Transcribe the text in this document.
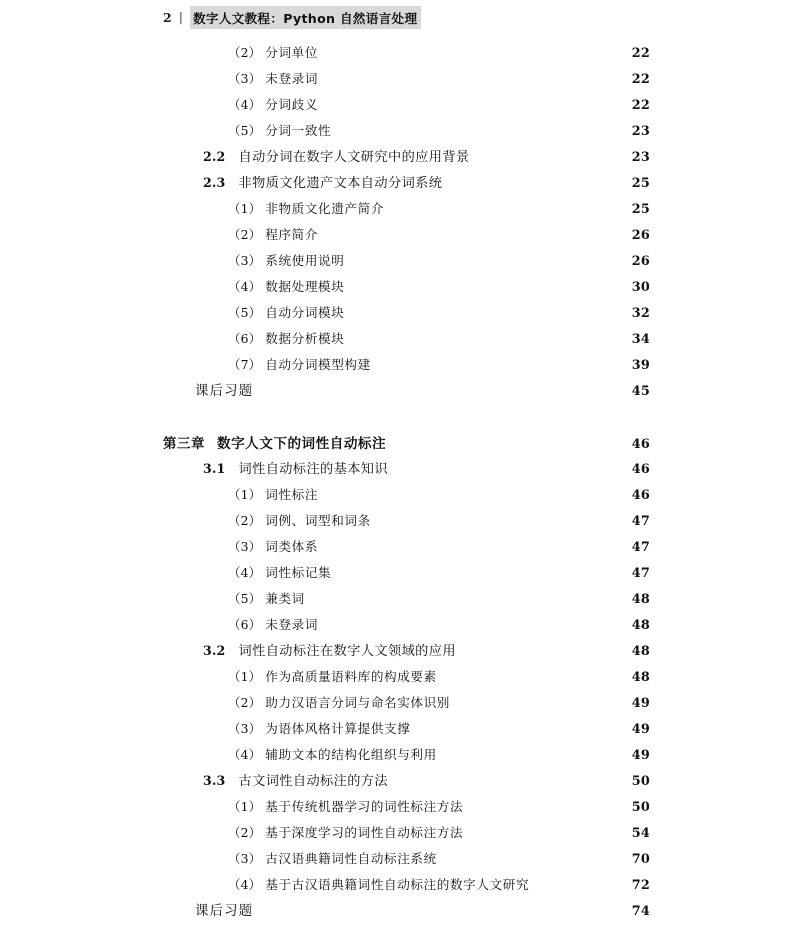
2 | 数字人文教程：Python 自然语言处理
（2） 分词单位	22
（3） 未登录词	22
（4） 分词歧义	22
（5） 分词一致性	23
2.2 自动分词在数字人文研究中的应用背景	23
2.3 非物质文化遗产文本自动分词系统	25
（1） 非物质文化遗产简介	25
（2） 程序简介	26
（3） 系统使用说明	26
（4） 数据处理模块	30
（5） 自动分词模块	32
（6） 数据分析模块	34
（7） 自动分词模型构建	39
课后习题	45
第三章 数字人文下的词性自动标注	46
3.1 词性自动标注的基本知识	46
（1） 词性标注	46
（2） 词例、词型和词条	47
（3） 词类体系	47
（4） 词性标记集	47
（5） 兼类词	48
（6） 未登录词	48
3.2 词性自动标注在数字人文领域的应用	48
（1） 作为高质量语料库的构成要素	48
（2） 助力汉语言分词与命名实体识别	49
（3） 为语体风格计算提供支撑	49
（4） 辅助文本的结构化组织与利用	49
3.3 古文词性自动标注的方法	50
（1） 基于传统机器学习的词性标注方法	50
（2） 基于深度学习的词性自动标注方法	54
（3） 古汉语典籍词性自动标注系统	70
（4） 基于古汉语典籍词性自动标注的数字人文研究	72
课后习题	74
